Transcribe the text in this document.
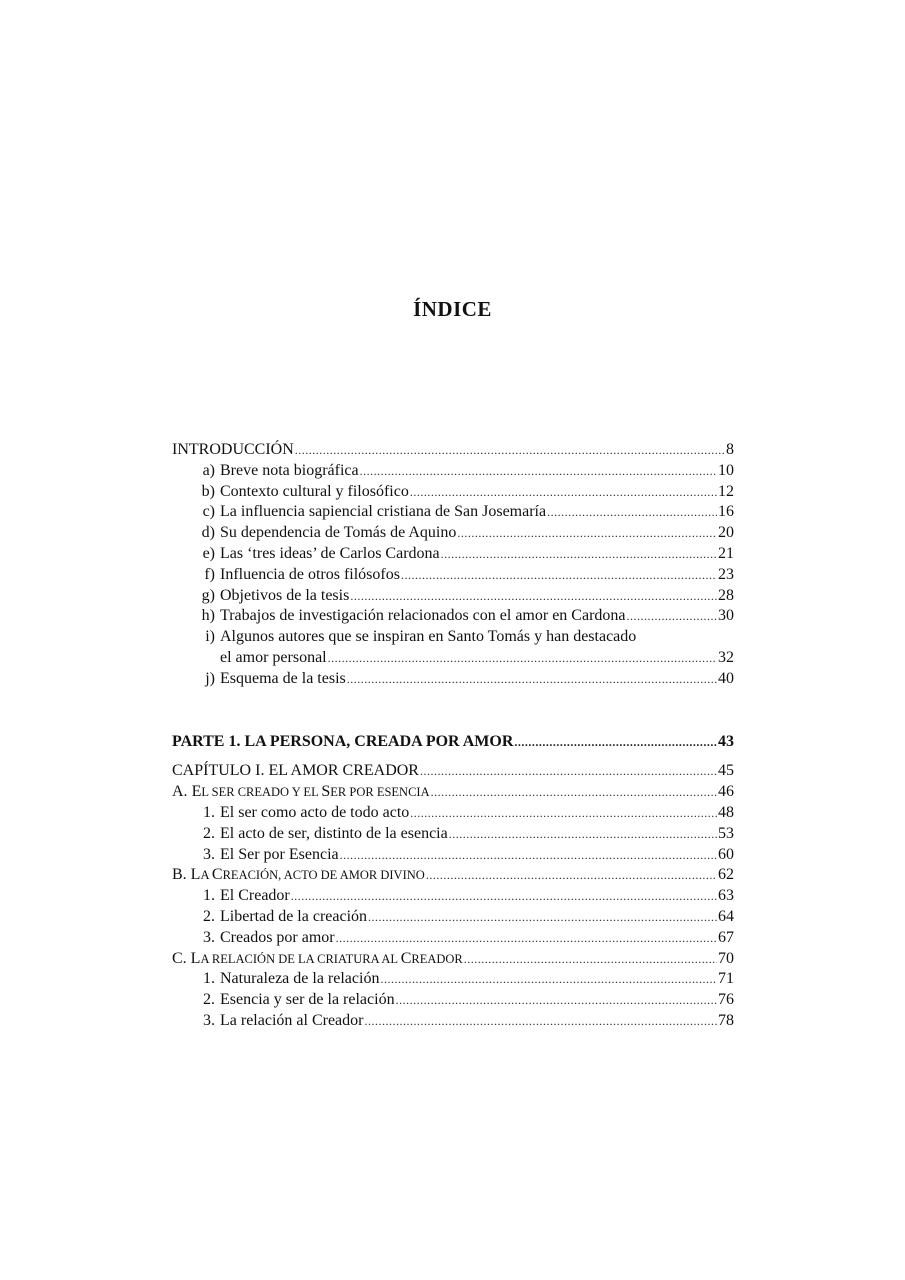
ÍNDICE
INTRODUCCIÓN .....	8
a) Breve nota biográfica .....	10
b) Contexto cultural y filosófico .....	12
c) La influencia sapiencial cristiana de San Josemaría .....	16
d) Su dependencia de Tomás de Aquino .....	20
e) Las ‘tres ideas’ de Carlos Cardona .....	21
f) Influencia de otros filósofos .....	23
g) Objetivos de la tesis .....	28
h) Trabajos de investigación relacionados con el amor en Cardona .....	30
i) Algunos autores que se inspiran en Santo Tomás y han destacado
el amor personal .....	32
j) Esquema de la tesis .....	40
PARTE 1. LA PERSONA, CREADA POR AMOR .....	43
CAPÍTULO I. EL AMOR CREADOR .....	45
A. EL SER CREADO Y EL SER POR ESENCIA .....	46
1. El ser como acto de todo acto .....	48
2. El acto de ser, distinto de la esencia .....	53
3. El Ser por Esencia .....	60
B. LA CREACIÓN, ACTO DE AMOR DIVINO .....	62
1. El Creador .....	63
2. Libertad de la creación .....	64
3. Creados por amor .....	67
C. LA RELACIÓN DE LA CRIATURA AL CREADOR .....	70
1. Naturaleza de la relación .....	71
2. Esencia y ser de la relación .....	76
3. La relación al Creador .....	78
